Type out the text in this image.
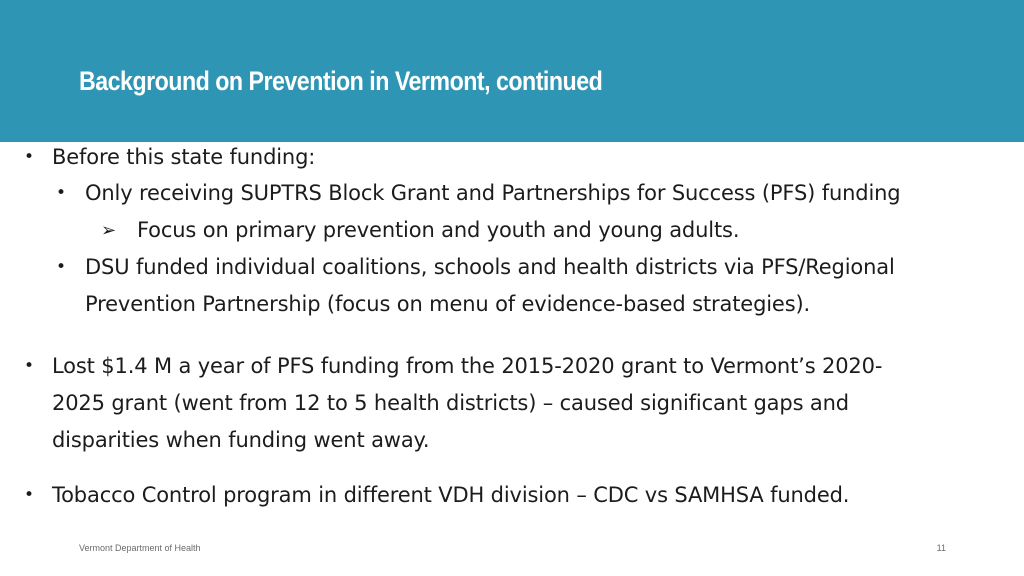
Background on Prevention in Vermont, continued
• Before this state funding:
• Only receiving SUPTRS Block Grant and Partnerships for Success (PFS) funding
➢ Focus on primary prevention and youth and young adults.
• DSU funded individual coalitions, schools and health districts via PFS/Regional
Prevention Partnership (focus on menu of evidence-based strategies).
• Lost $1.4 M a year of PFS funding from the 2015-2020 grant to Vermont’s 2020-
2025 grant (went from 12 to 5 health districts) – caused significant gaps and
disparities when funding went away.
• Tobacco Control program in different VDH division – CDC vs SAMHSA funded.
Vermont Department of Health	11
